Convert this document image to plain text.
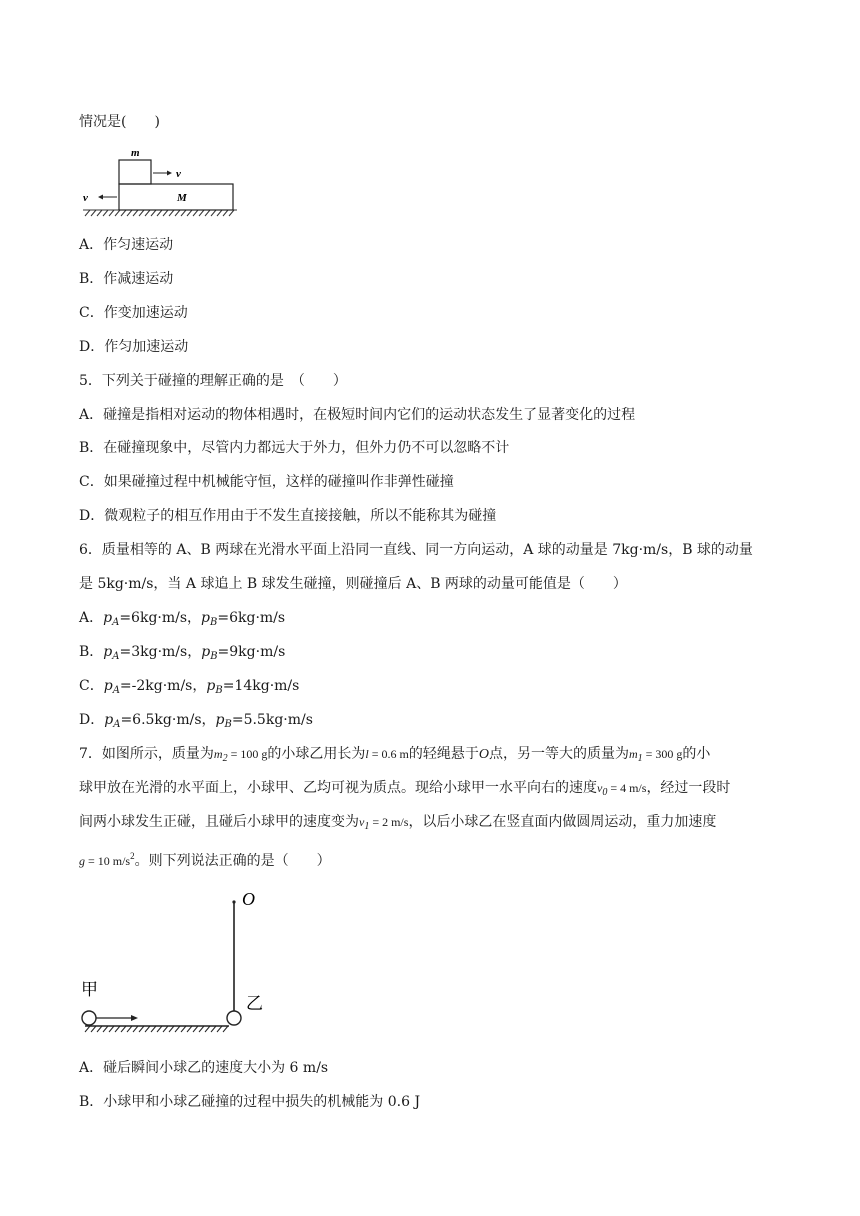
情况是(　　)
m
M
v
v
A．作匀速运动
B．作减速运动
C．作变加速运动
D．作匀加速运动
5．下列关于碰撞的理解正确的是　（　　）
A．碰撞是指相对运动的物体相遇时，在极短时间内它们的运动状态发生了显著变化的过程
B．在碰撞现象中，尽管内力都远大于外力，但外力仍不可以忽略不计
C．如果碰撞过程中机械能守恒，这样的碰撞叫作非弹性碰撞
D．微观粒子的相互作用由于不发生直接接触，所以不能称其为碰撞
6．质量相等的 A、B 两球在光滑水平面上沿同一直线、同一方向运动，A 球的动量是 7kg·m/s，B 球的动量
是 5kg·m/s，当 A 球追上 B 球发生碰撞，则碰撞后 A、B 两球的动量可能值是（　　）
A．$p_A=6kg\cdot m/s$，$p_B=6kg\cdot m/s$
B．$p_A=3kg\cdot m/s$，$p_B=9kg\cdot m/s$
C．$p_A=-2kg\cdot m/s$，$p_B=14kg\cdot m/s$
D．$p_A=6.5kg\cdot m/s$，$p_B=5.5kg\cdot m/s$
7．如图所示，质量为$m_2 = 100$ g的小球乙用长为l = 0.6 m的轻绳悬于O点，另一等大的质量为$m_1 = 300$ g的小
球甲放在光滑的水平面上，小球甲、乙均可视为质点。现给小球甲一水平向右的速度$v_0 = 4$ m/s，经过一段时
间两小球发生正碰，且碰后小球甲的速度变为$v_1 = 2$ m/s，以后小球乙在竖直面内做圆周运动，重力加速度
g = 10 $m/s^2$。则下列说法正确的是（　　）
O
乙
甲
A．碰后瞬间小球乙的速度大小为 6 m/s
B．小球甲和小球乙碰撞的过程中损失的机械能为 0.6 J
